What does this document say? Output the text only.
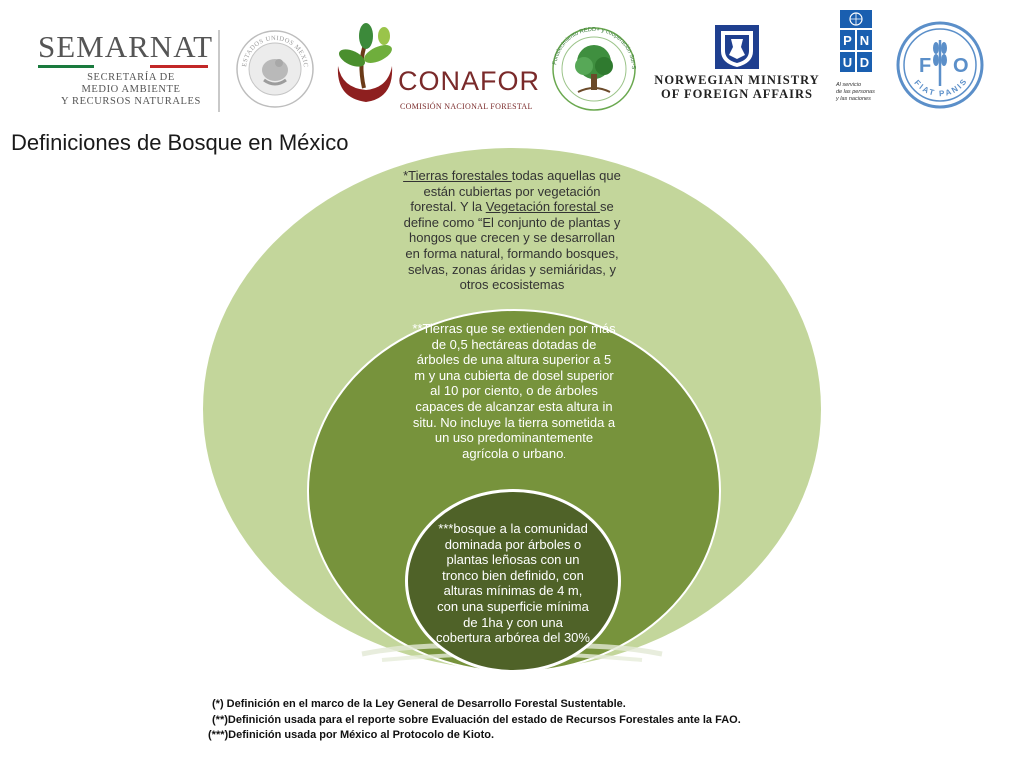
SEMARNAT
SECRETARÍA DE
MEDIO AMBIENTE
Y RECURSOS NATURALES
ESTADOS UNIDOS MEXIC
CONAFOR
COMISIÓN NACIONAL FORESTAL
Fortalecimiento REDD+ y cooperación Sur-S
NORWEGIAN MINISTRY
OF FOREIGN AFFAIRS
P N
U D
Al servicio
de las personas
y las naciones
F O
FIAT PANIS
Definiciones de Bosque en México
*Tierras forestales todas aquellas que están cubiertas por vegetación forestal. Y la Vegetación forestal se define como “El conjunto de plantas y hongos que crecen y se desarrollan en forma natural, formando bosques, selvas, zonas áridas y semiáridas, y otros ecosistemas
**Tierras que se extienden por más de 0,5 hectáreas dotadas de árboles de una altura superior a 5 m y una cubierta de dosel superior al 10 por ciento, o de árboles capaces de alcanzar esta altura in situ. No incluye la tierra sometida a un uso predominantemente agrícola o urbano.
***bosque a la comunidad dominada por árboles o plantas leñosas con un tronco bien definido, con alturas mínimas de 4 m, con una superficie mínima de 1ha y con una cobertura arbórea del 30%
(*) Definición en el marco de la Ley General de Desarrollo Forestal Sustentable.
(**)Definición usada para el reporte sobre Evaluación del estado de Recursos Forestales ante la FAO.
(***)Definición usada por México al Protocolo de Kioto.
